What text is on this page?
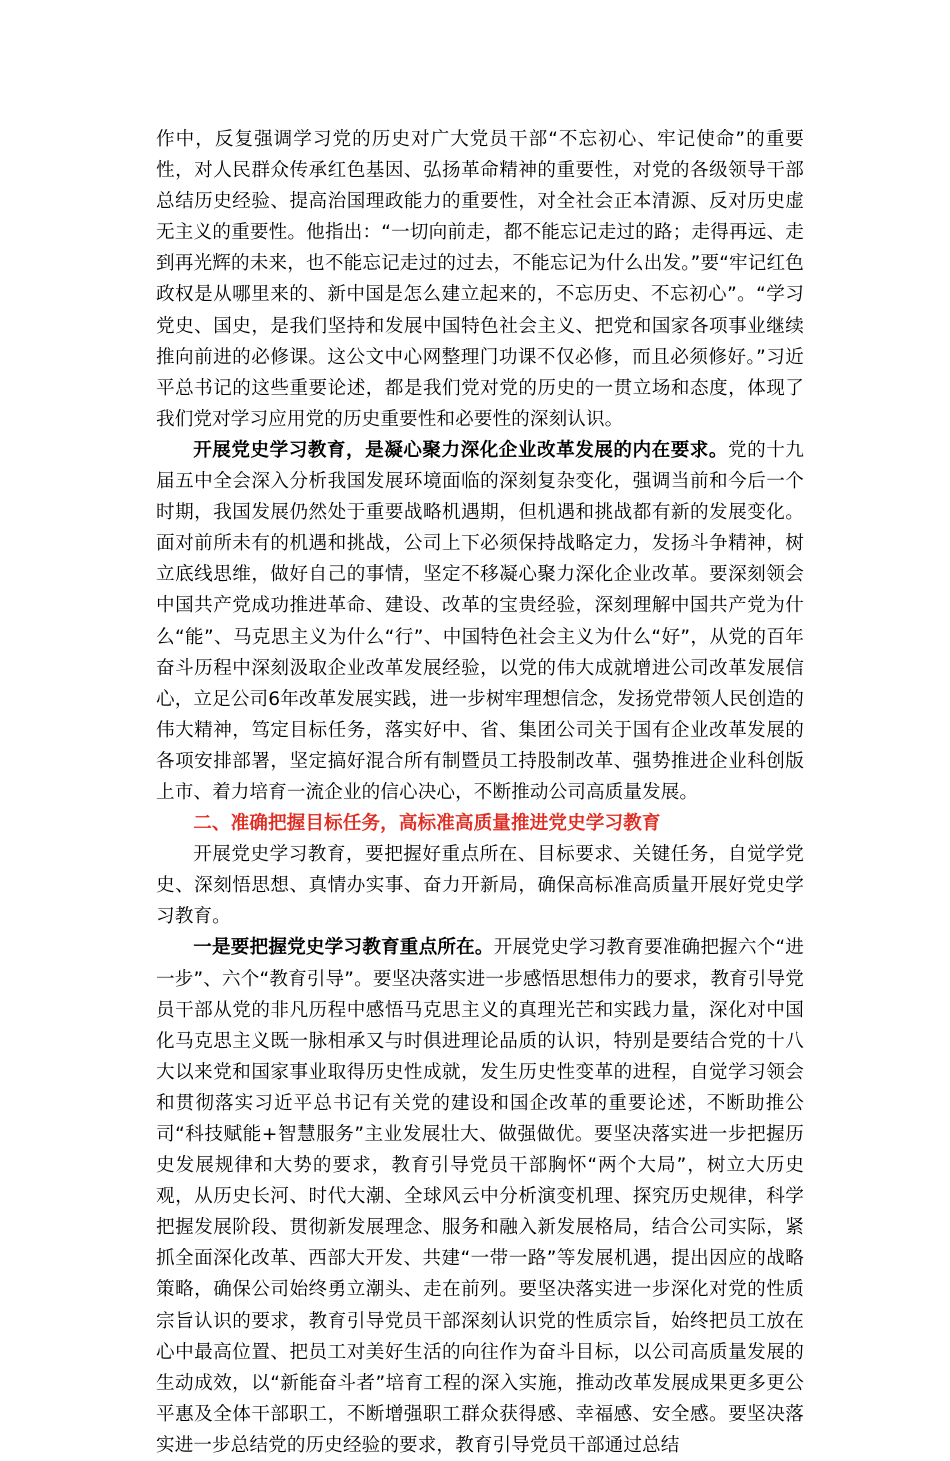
作中，反复强调学习党的历史对广大党员干部“不忘初心、牢记使命”的重要性，对人民群众传承红色基因、弘扬革命精神的重要性，对党的各级领导干部总结历史经验、提高治国理政能力的重要性，对全社会正本清源、反对历史虚无主义的重要性。他指出：“一切向前走，都不能忘记走过的路；走得再远、走到再光辉的未来，也不能忘记走过的过去，不能忘记为什么出发。”要“牢记红色政权是从哪里来的、新中国是怎么建立起来的，不忘历史、不忘初心”。“学习党史、国史，是我们坚持和发展中国特色社会主义、把党和国家各项事业继续推向前进的必修课。这公文中心网整理门功课不仅必修，而且必须修好。”习近平总书记的这些重要论述，都是我们党对党的历史的一贯立场和态度，体现了我们党对学习应用党的历史重要性和必要性的深刻认识。

开展党史学习教育，是凝心聚力深化企业改革发展的内在要求。党的十九届五中全会深入分析我国发展环境面临的深刻复杂变化，强调当前和今后一个时期，我国发展仍然处于重要战略机遇期，但机遇和挑战都有新的发展变化。面对前所未有的机遇和挑战，公司上下必须保持战略定力，发扬斗争精神，树立底线思维，做好自己的事情，坚定不移凝心聚力深化企业改革。要深刻领会中国共产党成功推进革命、建设、改革的宝贵经验，深刻理解中国共产党为什么“能”、马克思主义为什么“行”、中国特色社会主义为什么“好”，从党的百年奋斗历程中深刻汲取企业改革发展经验，以党的伟大成就增进公司改革发展信心，立足公司6年改革发展实践，进一步树牢理想信念，发扬党带领人民创造的伟大精神，笃定目标任务，落实好中、省、集团公司关于国有企业改革发展的各项安排部署，坚定搞好混合所有制暨员工持股制改革、强势推进企业科创版上市、着力培育一流企业的信心决心，不断推动公司高质量发展。

二、准确把握目标任务，高标准高质量推进党史学习教育

开展党史学习教育，要把握好重点所在、目标要求、关键任务，自觉学党史、深刻悟思想、真情办实事、奋力开新局，确保高标准高质量开展好党史学习教育。

一是要把握党史学习教育重点所在。开展党史学习教育要准确把握六个“进一步”、六个“教育引导”。要坚决落实进一步感悟思想伟力的要求，教育引导党员干部从党的非凡历程中感悟马克思主义的真理光芒和实践力量，深化对中国化马克思主义既一脉相承又与时俱进理论品质的认识，特别是要结合党的十八大以来党和国家事业取得历史性成就，发生历史性变革的进程，自觉学习领会和贯彻落实习近平总书记有关党的建设和国企改革的重要论述，不断助推公司“科技赋能+智慧服务”主业发展壮大、做强做优。要坚决落实进一步把握历史发展规律和大势的要求，教育引导党员干部胸怀“两个大局”，树立大历史观，从历史长河、时代大潮、全球风云中分析演变机理、探究历史规律，科学把握发展阶段、贯彻新发展理念、服务和融入新发展格局，结合公司实际，紧抓全面深化改革、西部大开发、共建“一带一路”等发展机遇，提出因应的战略策略，确保公司始终勇立潮头、走在前列。要坚决落实进一步深化对党的性质宗旨认识的要求，教育引导党员干部深刻认识党的性质宗旨，始终把员工放在心中最高位置、把员工对美好生活的向往作为奋斗目标，以公司高质量发展的生动成效，以“新能奋斗者”培育工程的深入实施，推动改革发展成果更多更公平惠及全体干部职工，不断增强职工群众获得感、幸福感、安全感。要坚决落实进一步总结党的历史经验的要求，教育引导党员干部通过总结
